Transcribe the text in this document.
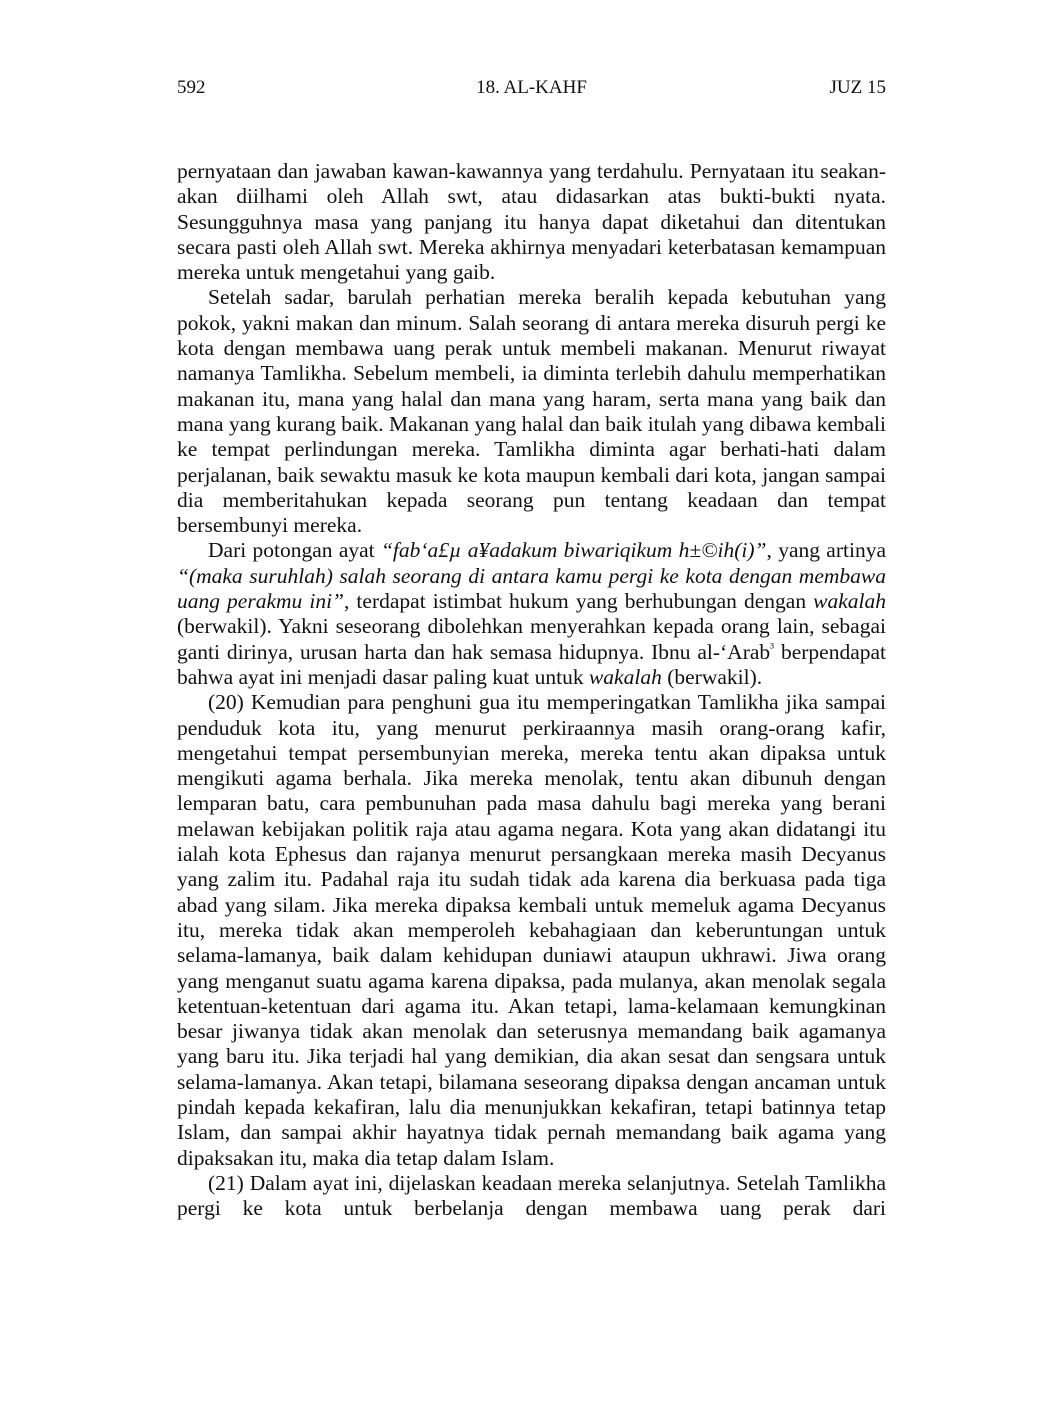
592	18. AL-KAHF	JUZ 15

pernyataan dan jawaban kawan-kawannya yang terdahulu. Pernyataan itu seakan-akan diilhami oleh Allah swt, atau didasarkan atas bukti-bukti nyata. Sesungguhnya masa yang panjang itu hanya dapat diketahui dan ditentukan secara pasti oleh Allah swt. Mereka akhirnya menyadari keterbatasan kemampuan mereka untuk mengetahui yang gaib.

Setelah sadar, barulah perhatian mereka beralih kepada kebutuhan yang pokok, yakni makan dan minum. Salah seorang di antara mereka disuruh pergi ke kota dengan membawa uang perak untuk membeli makanan. Menurut riwayat namanya Tamlikha. Sebelum membeli, ia diminta terlebih dahulu memperhatikan makanan itu, mana yang halal dan mana yang haram, serta mana yang baik dan mana yang kurang baik. Makanan yang halal dan baik itulah yang dibawa kembali ke tempat perlindungan mereka. Tamlikha diminta agar berhati-hati dalam perjalanan, baik sewaktu masuk ke kota maupun kembali dari kota, jangan sampai dia memberitahukan kepada seorang pun tentang keadaan dan tempat bersembunyi mereka.

Dari potongan ayat “fab‘a£µ a¥adakum biwariqikum h±©ih(i)”, yang artinya “(maka suruhlah) salah seorang di antara kamu pergi ke kota dengan membawa uang perakmu ini”, terdapat istimbat hukum yang berhubungan dengan wakalah (berwakil). Yakni seseorang dibolehkan menyerahkan kepada orang lain, sebagai ganti dirinya, urusan harta dan hak semasa hidupnya. Ibnu al-‘Arab$^{^3}$ berpendapat bahwa ayat ini menjadi dasar paling kuat untuk wakalah (berwakil).

(20) Kemudian para penghuni gua itu memperingatkan Tamlikha jika sampai penduduk kota itu, yang menurut perkiraannya masih orang-orang kafir, mengetahui tempat persembunyian mereka, mereka tentu akan dipaksa untuk mengikuti agama berhala. Jika mereka menolak, tentu akan dibunuh dengan lemparan batu, cara pembunuhan pada masa dahulu bagi mereka yang berani melawan kebijakan politik raja atau agama negara. Kota yang akan didatangi itu ialah kota Ephesus dan rajanya menurut persangkaan mereka masih Decyanus yang zalim itu. Padahal raja itu sudah tidak ada karena dia berkuasa pada tiga abad yang silam. Jika mereka dipaksa kembali untuk memeluk agama Decyanus itu, mereka tidak akan memperoleh kebahagiaan dan keberuntungan untuk selama-lamanya, baik dalam kehidupan duniawi ataupun ukhrawi. Jiwa orang yang menganut suatu agama karena dipaksa, pada mulanya, akan menolak segala ketentuan-ketentuan dari agama itu. Akan tetapi, lama-kelamaan kemungkinan besar jiwanya tidak akan menolak dan seterusnya memandang baik agamanya yang baru itu. Jika terjadi hal yang demikian, dia akan sesat dan sengsara untuk selama-lamanya. Akan tetapi, bilamana seseorang dipaksa dengan ancaman untuk pindah kepada kekafiran, lalu dia menunjukkan kekafiran, tetapi batinnya tetap Islam, dan sampai akhir hayatnya tidak pernah memandang baik agama yang dipaksakan itu, maka dia tetap dalam Islam.

(21) Dalam ayat ini, dijelaskan keadaan mereka selanjutnya. Setelah Tamlikha pergi ke kota untuk berbelanja dengan membawa uang perak dari
